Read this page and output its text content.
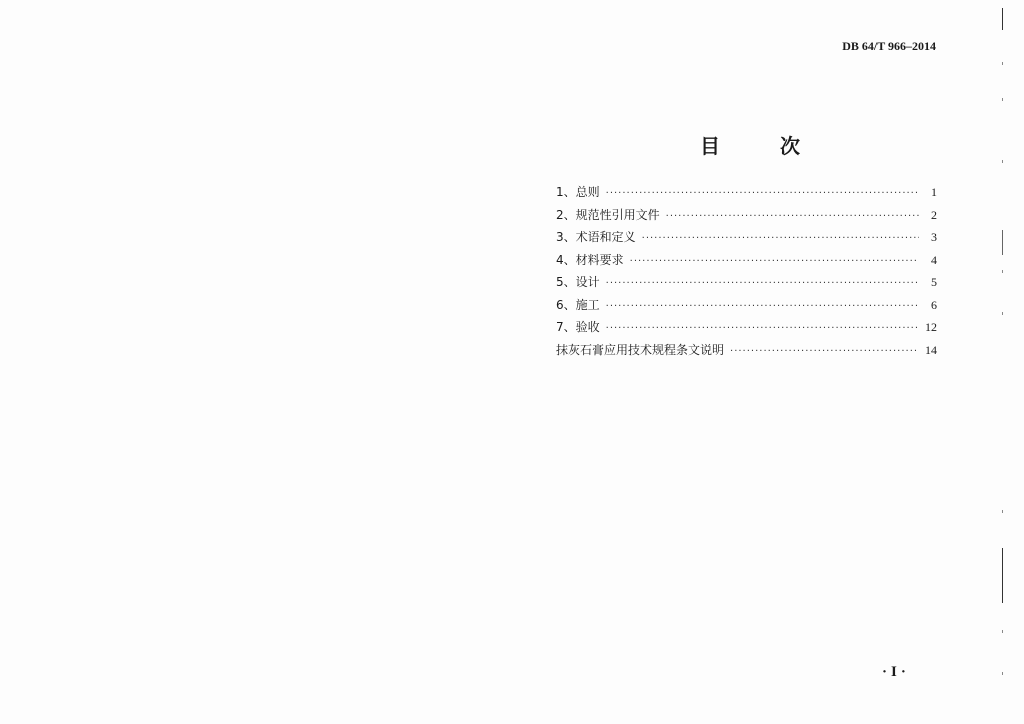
DB 64/T 966–2014
目	次
1、总则 ·····	1
2、规范性引用文件 ·····	2
3、术语和定义 ·····	3
4、材料要求 ·····	4
5、设计 ·····	5
6、施工 ·····	6
7、验收 ·····	12
抹灰石膏应用技术规程条文说明 ·····	14
·I·
